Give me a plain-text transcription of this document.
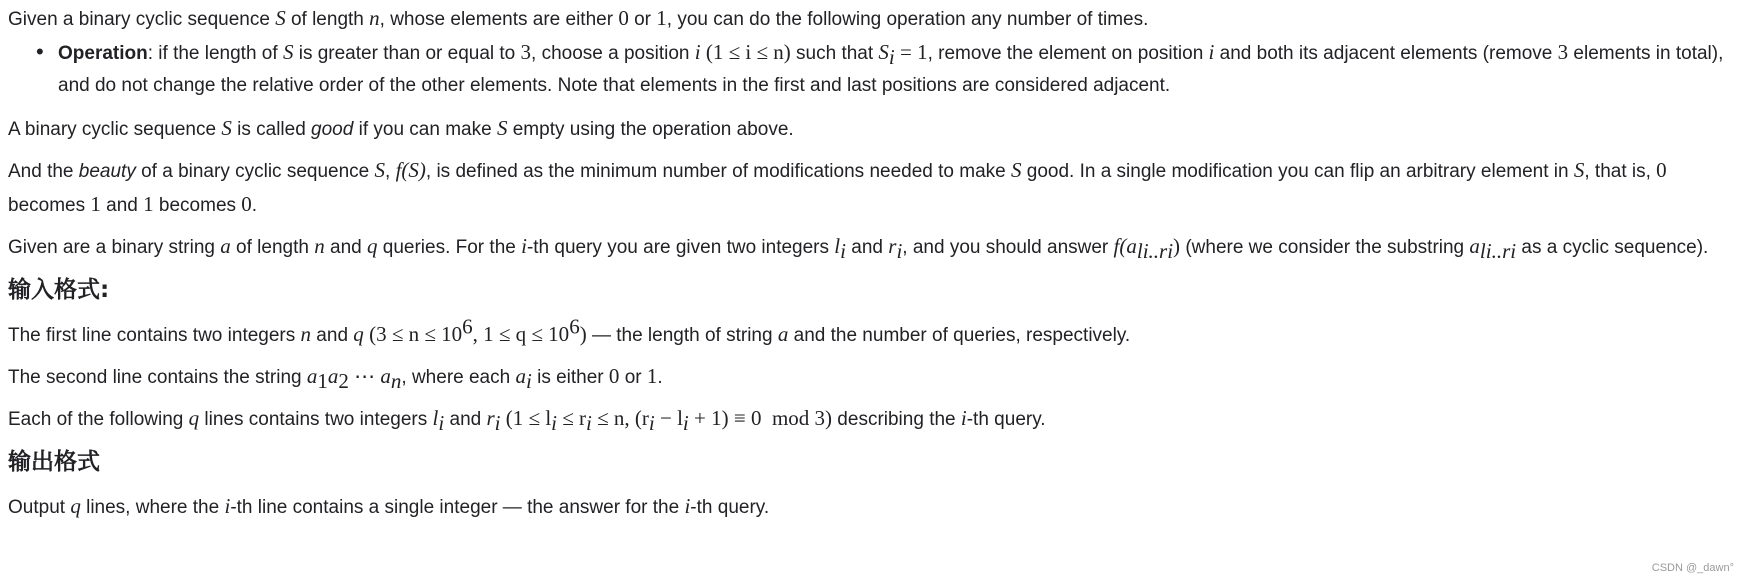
Given a binary cyclic sequence S of length n, whose elements are either 0 or 1, you can do the following operation any number of times.

• Operation: if the length of S is greater than or equal to 3, choose a position i (1 ≤ i ≤ n) such that $S_i = 1$, remove the element on position i and both its adjacent elements (remove 3 elements in total), and do not change the relative order of the other elements. Note that elements in the first and last positions are considered adjacent.

A binary cyclic sequence S is called good if you can make S empty using the operation above.

And the beauty of a binary cyclic sequence S, f(S), is defined as the minimum number of modifications needed to make S good. In a single modification you can flip an arbitrary element in S, that is, 0 becomes 1 and 1 becomes 0.

Given are a binary string a of length n and q queries. For the i-th query you are given two integers $l_i$ and $r_i$, and you should answer $f(a_{li..ri})$ (where we consider the substring $a_{li..ri}$ as a cyclic sequence).

输入格式:

The first line contains two integers n and q ($3 \le n \le 10^6$, $1 \le q \le 10^6$) — the length of string a and the number of queries, respectively.

The second line contains the string $a_1a_2$ ⋯ $a_n$, where each $a_i$ is either 0 or 1.

Each of the following q lines contains two integers $l_i$ and $r_i$ ($1 \le l_i \le r_i \le n$, $(r_i - l_i + 1) \equiv 0$  mod 3) describing the i-th query.

输出格式

Output q lines, where the i-th line contains a single integer — the answer for the i-th query.

CSDN @_dawn°
